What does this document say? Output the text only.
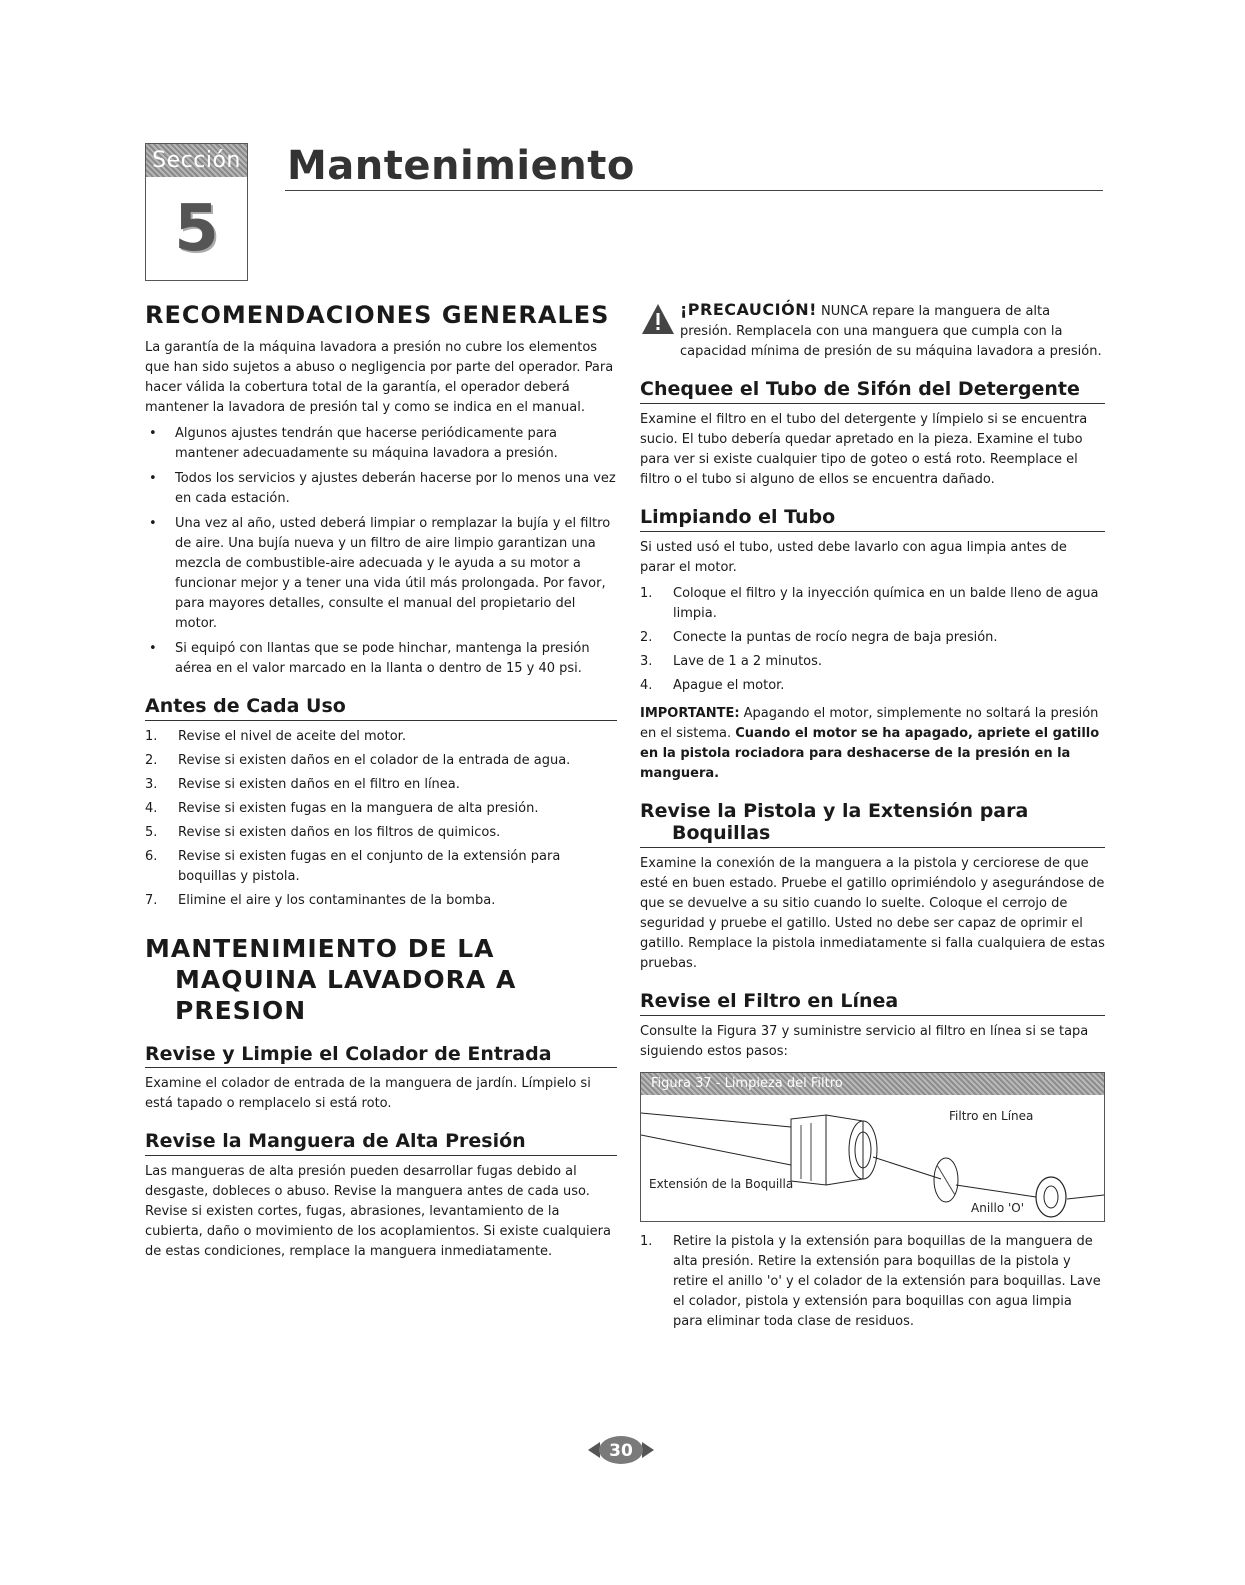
Sección
5
Mantenimiento
RECOMENDACIONES GENERALES

La garantía de la máquina lavadora a presión no cubre los elementos que han sido sujetos a abuso o negligencia por parte del operador. Para hacer válida la cobertura total de la garantía, el operador deberá mantener la lavadora de presión tal y como se indica en el manual.

• Algunos ajustes tendrán que hacerse periódicamente para mantener adecuadamente su máquina lavadora a presión.
• Todos los servicios y ajustes deberán hacerse por lo menos una vez en cada estación.
• Una vez al año, usted deberá limpiar o remplazar la bujía y el filtro de aire. Una bujía nueva y un filtro de aire limpio garantizan una mezcla de combustible-aire adecuada y le ayuda a su motor a funcionar mejor y a tener una vida útil más prolongada. Por favor, para mayores detalles, consulte el manual del propietario del motor.
• Si equipó con llantas que se pode hinchar, mantenga la presión aérea en el valor marcado en la llanta o dentro de 15 y 40 psi.
Antes de Cada Uso
1. Revise el nivel de aceite del motor.
2. Revise si existen daños en el colador de la entrada de agua.
3. Revise si existen daños en el filtro en línea.
4. Revise si existen fugas en la manguera de alta presión.
5. Revise si existen daños en los filtros de quimicos.
6. Revise si existen fugas en el conjunto de la extensión para boquillas y pistola.
7. Elimine el aire y los contaminantes de la bomba.
MANTENIMIENTO DE LA MAQUINA LAVADORA A PRESION
Revise y Limpie el Colador de Entrada

Examine el colador de entrada de la manguera de jardín. Límpielo si está tapado o remplacelo si está roto.

Revise la Manguera de Alta Presión

Las mangueras de alta presión pueden desarrollar fugas debido al desgaste, dobleces o abuso. Revise la manguera antes de cada uso. Revise si existen cortes, fugas, abrasiones, levantamiento de la cubierta, daño o movimiento de los acoplamientos. Si existe cualquiera de estas condiciones, remplace la manguera inmediatamente.

¡PRECAUCIÓN! NUNCA repare la manguera de alta presión. Remplacela con una manguera que cumpla con la capacidad mínima de presión de su máquina lavadora a presión.

Chequee el Tubo de Sifón del Detergente

Examine el filtro en el tubo del detergente y límpielo si se encuentra sucio. El tubo debería quedar apretado en la pieza. Examine el tubo para ver si existe cualquier tipo de goteo o está roto. Reemplace el filtro o el tubo si alguno de ellos se encuentra dañado.

Limpiando el Tubo

Si usted usó el tubo, usted debe lavarlo con agua limpia antes de parar el motor.

1. Coloque el filtro y la inyección química en un balde lleno de agua limpia.
2. Conecte la puntas de rocío negra de baja presión.
3. Lave de 1 a 2 minutos.
4. Apague el motor.

IMPORTANTE: Apagando el motor, simplemente no soltará la presión en el sistema. Cuando el motor se ha apagado, apriete el gatillo en la pistola rociadora para deshacerse de la presión en la manguera.

Revise la Pistola y la Extensión para Boquillas

Examine la conexión de la manguera a la pistola y cerciorese de que esté en buen estado. Pruebe el gatillo oprimiéndolo y asegurándose de que se devuelve a su sitio cuando lo suelte. Coloque el cerrojo de seguridad y pruebe el gatillo. Usted no debe ser capaz de oprimir el gatillo. Remplace la pistola inmediatamente si falla cualquiera de estas pruebas.

Revise el Filtro en Línea

Consulte la Figura 37 y suministre servicio al filtro en línea si se tapa siguiendo estos pasos:

Figura 37 - Limpieza del Filtro
Filtro en Línea
Extensión de la Boquilla
Anillo 'O'
1. Retire la pistola y la extensión para boquillas de la manguera de alta presión. Retire la extensión para boquillas de la pistola y retire el anillo 'o' y el colador de la extensión para boquillas. Lave el colador, pistola y extensión para boquillas con agua limpia para eliminar toda clase de residuos.
30
